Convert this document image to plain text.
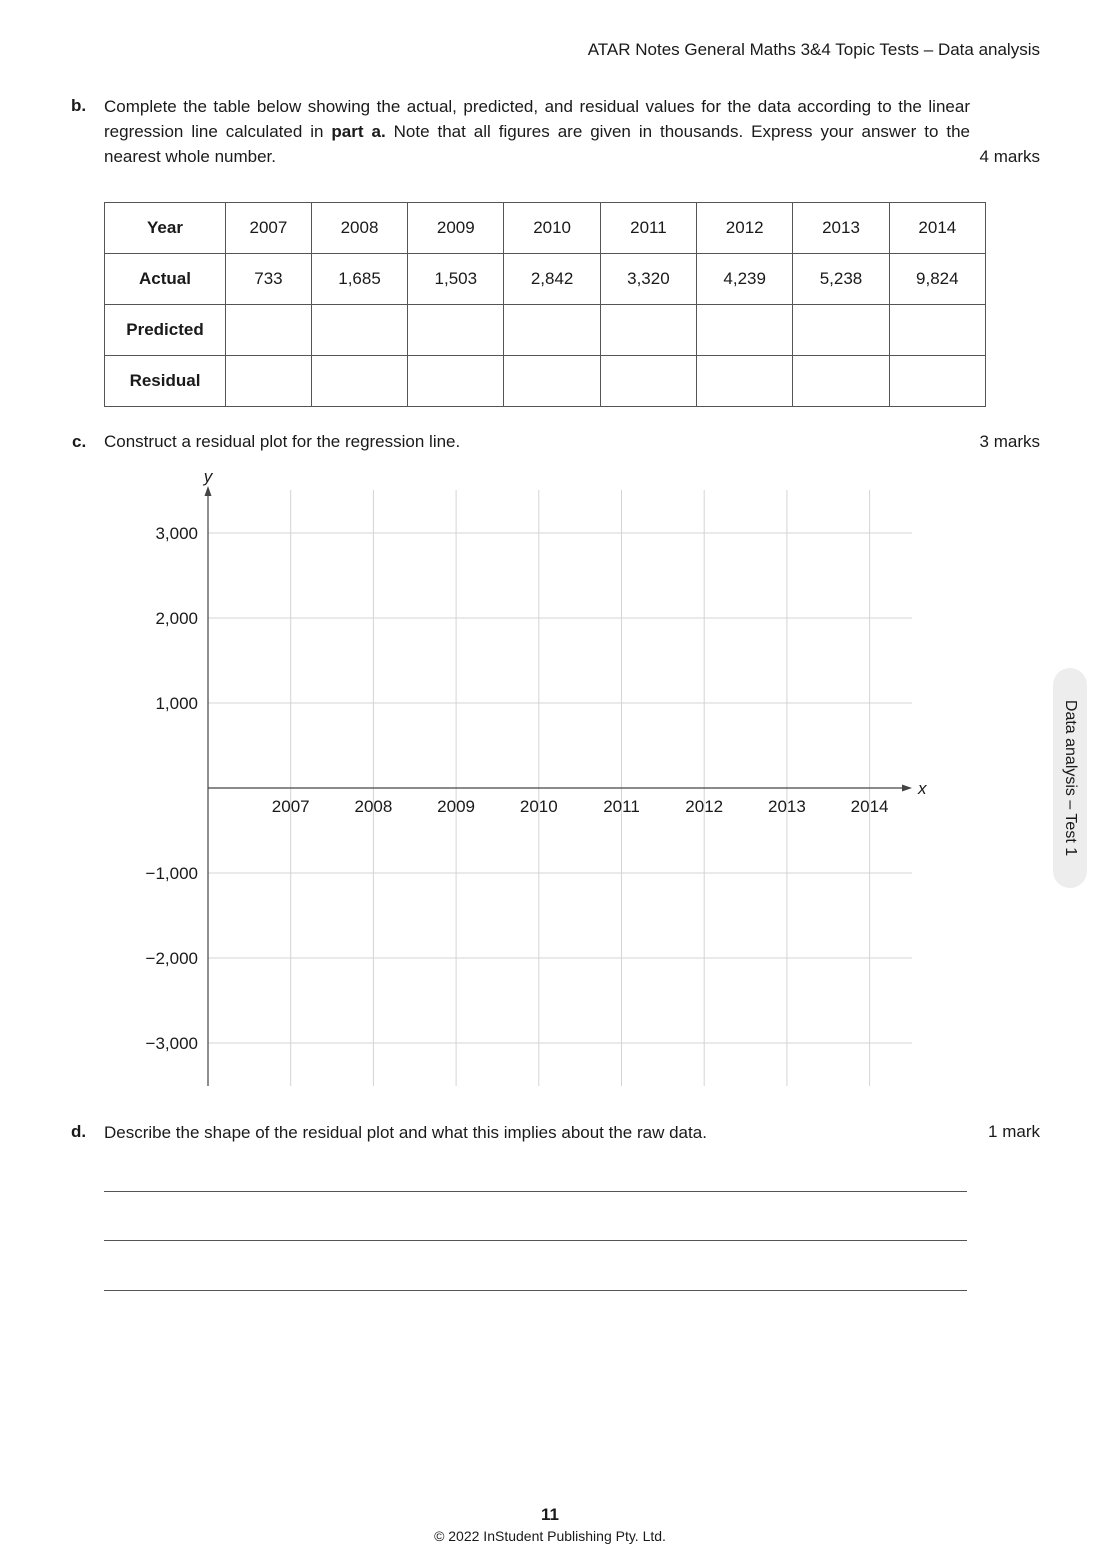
ATAR Notes General Maths 3&4 Topic Tests – Data analysis
b. Complete the table below showing the actual, predicted, and residual values for the data according to the linear regression line calculated in part a. Note that all figures are given in thousands. Express your answer to the nearest whole number.	4 marks
Year	2007	2008	2009	2010	2011	2012	2013	2014
Actual	733	1,685	1,503	2,842	3,320	4,239	5,238	9,824
Predicted								
Residual								
c. Construct a residual plot for the regression line.	3 marks
2007	2008	2009	2010	2011	2012	2013	2014
3,000
2,000
1,000
−1,000
−2,000
−3,000
y
x
d. Describe the shape of the residual plot and what this implies about the raw data.	1 mark
Data analysis – Test 1
11
© 2022 InStudent Publishing Pty. Ltd.
